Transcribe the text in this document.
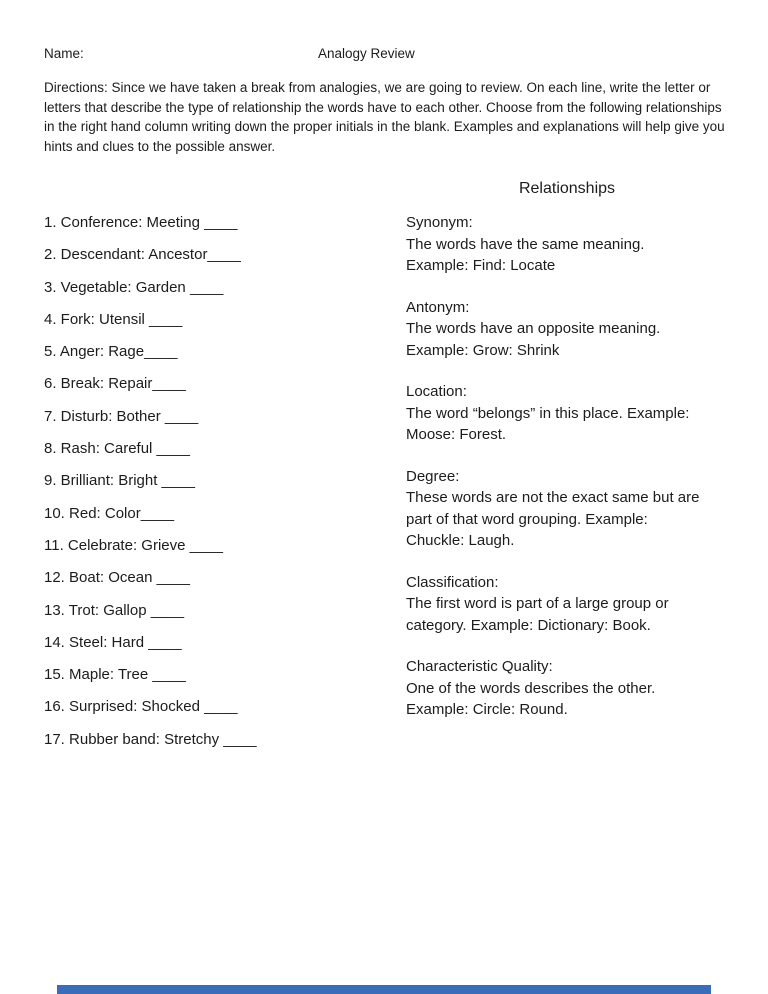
Name:	Analogy Review
Directions: Since we have taken a break from analogies, we are going to review. On each line, write the letter or letters that describe the type of relationship the words have to each other. Choose from the following relationships in the right hand column writing down the proper initials in the blank. Examples and explanations will help give you hints and clues to the possible answer.
1. Conference: Meeting ____
2. Descendant: Ancestor____
3. Vegetable: Garden ____
4. Fork: Utensil ____
5. Anger: Rage____
6. Break: Repair____
7. Disturb: Bother ____
8. Rash: Careful ____
9. Brilliant: Bright ____
10. Red: Color____
11. Celebrate: Grieve ____
12. Boat: Ocean ____
13. Trot: Gallop ____
14. Steel: Hard ____
15. Maple: Tree ____
16. Surprised: Shocked ____
17. Rubber band: Stretchy ____
Relationships
Synonym:
The words have the same meaning.
Example: Find: Locate
Antonym:
The words have an opposite meaning.
Example: Grow: Shrink
Location:
The word “belongs” in this place. Example:
Moose: Forest.
Degree:
These words are not the exact same but are
part of that word grouping. Example:
Chuckle: Laugh.
Classification:
The first word is part of a large group or
category. Example: Dictionary: Book.
Characteristic Quality:
One of the words describes the other.
Example: Circle: Round.
